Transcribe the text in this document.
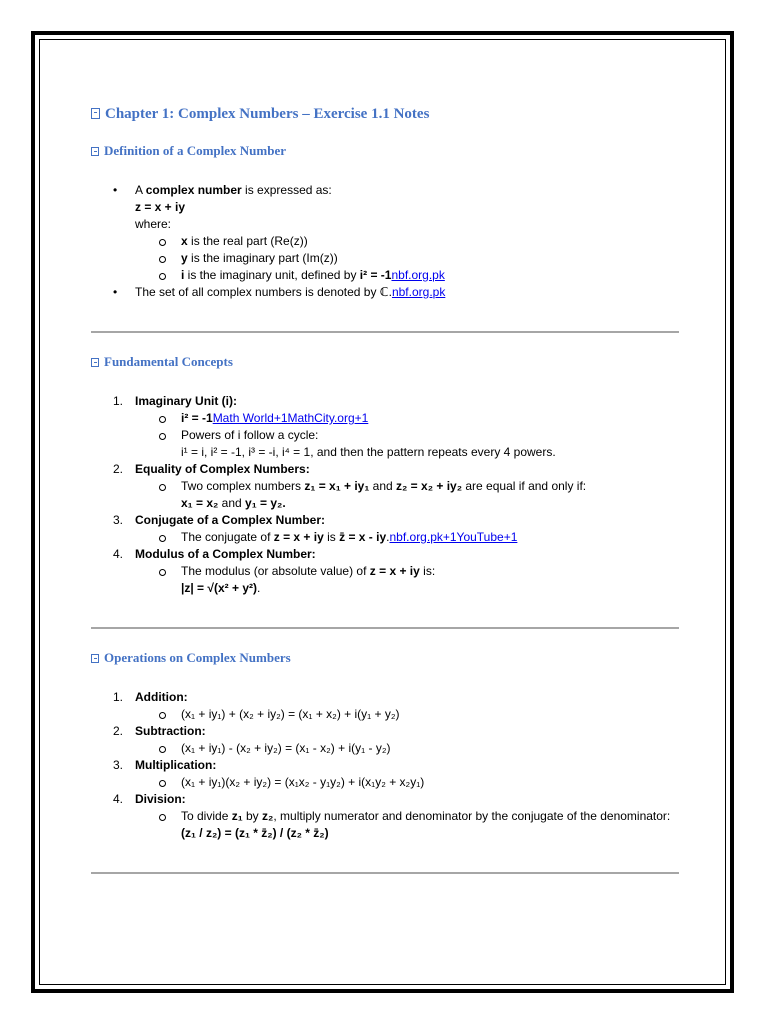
Chapter 1: Complex Numbers – Exercise 1.1 Notes
Definition of a Complex Number
• A complex number is expressed as:
z = x + iy
where:
x is the real part (Re(z))
y is the imaginary part (Im(z))
i is the imaginary unit, defined by i² = -1nbf.org.pk
• The set of all complex numbers is denoted by ℂ.nbf.org.pk
Fundamental Concepts
1. Imaginary Unit (i):
i² = -1Math World+1MathCity.org+1
Powers of i follow a cycle:
i¹ = i, i² = -1, i³ = -i, i⁴ = 1, and then the pattern repeats every 4 powers.
2. Equality of Complex Numbers:
Two complex numbers z₁ = x₁ + iy₁ and z₂ = x₂ + iy₂ are equal if and only if:
x₁ = x₂ and y₁ = y₂.
3. Conjugate of a Complex Number:
The conjugate of z = x + iy is z̄ = x - iy.nbf.org.pk+1YouTube+1
4. Modulus of a Complex Number:
The modulus (or absolute value) of z = x + iy is:
|z| = √(x² + y²).
Operations on Complex Numbers
1. Addition:
(x₁ + iy₁) + (x₂ + iy₂) = (x₁ + x₂) + i(y₁ + y₂)
2. Subtraction:
(x₁ + iy₁) - (x₂ + iy₂) = (x₁ - x₂) + i(y₁ - y₂)
3. Multiplication:
(x₁ + iy₁)(x₂ + iy₂) = (x₁x₂ - y₁y₂) + i(x₁y₂ + x₂y₁)
4. Division:
To divide z₁ by z₂, multiply numerator and denominator by the conjugate of the denominator:
(z₁ / z₂) = (z₁ * z̄₂) / (z₂ * z̄₂)
